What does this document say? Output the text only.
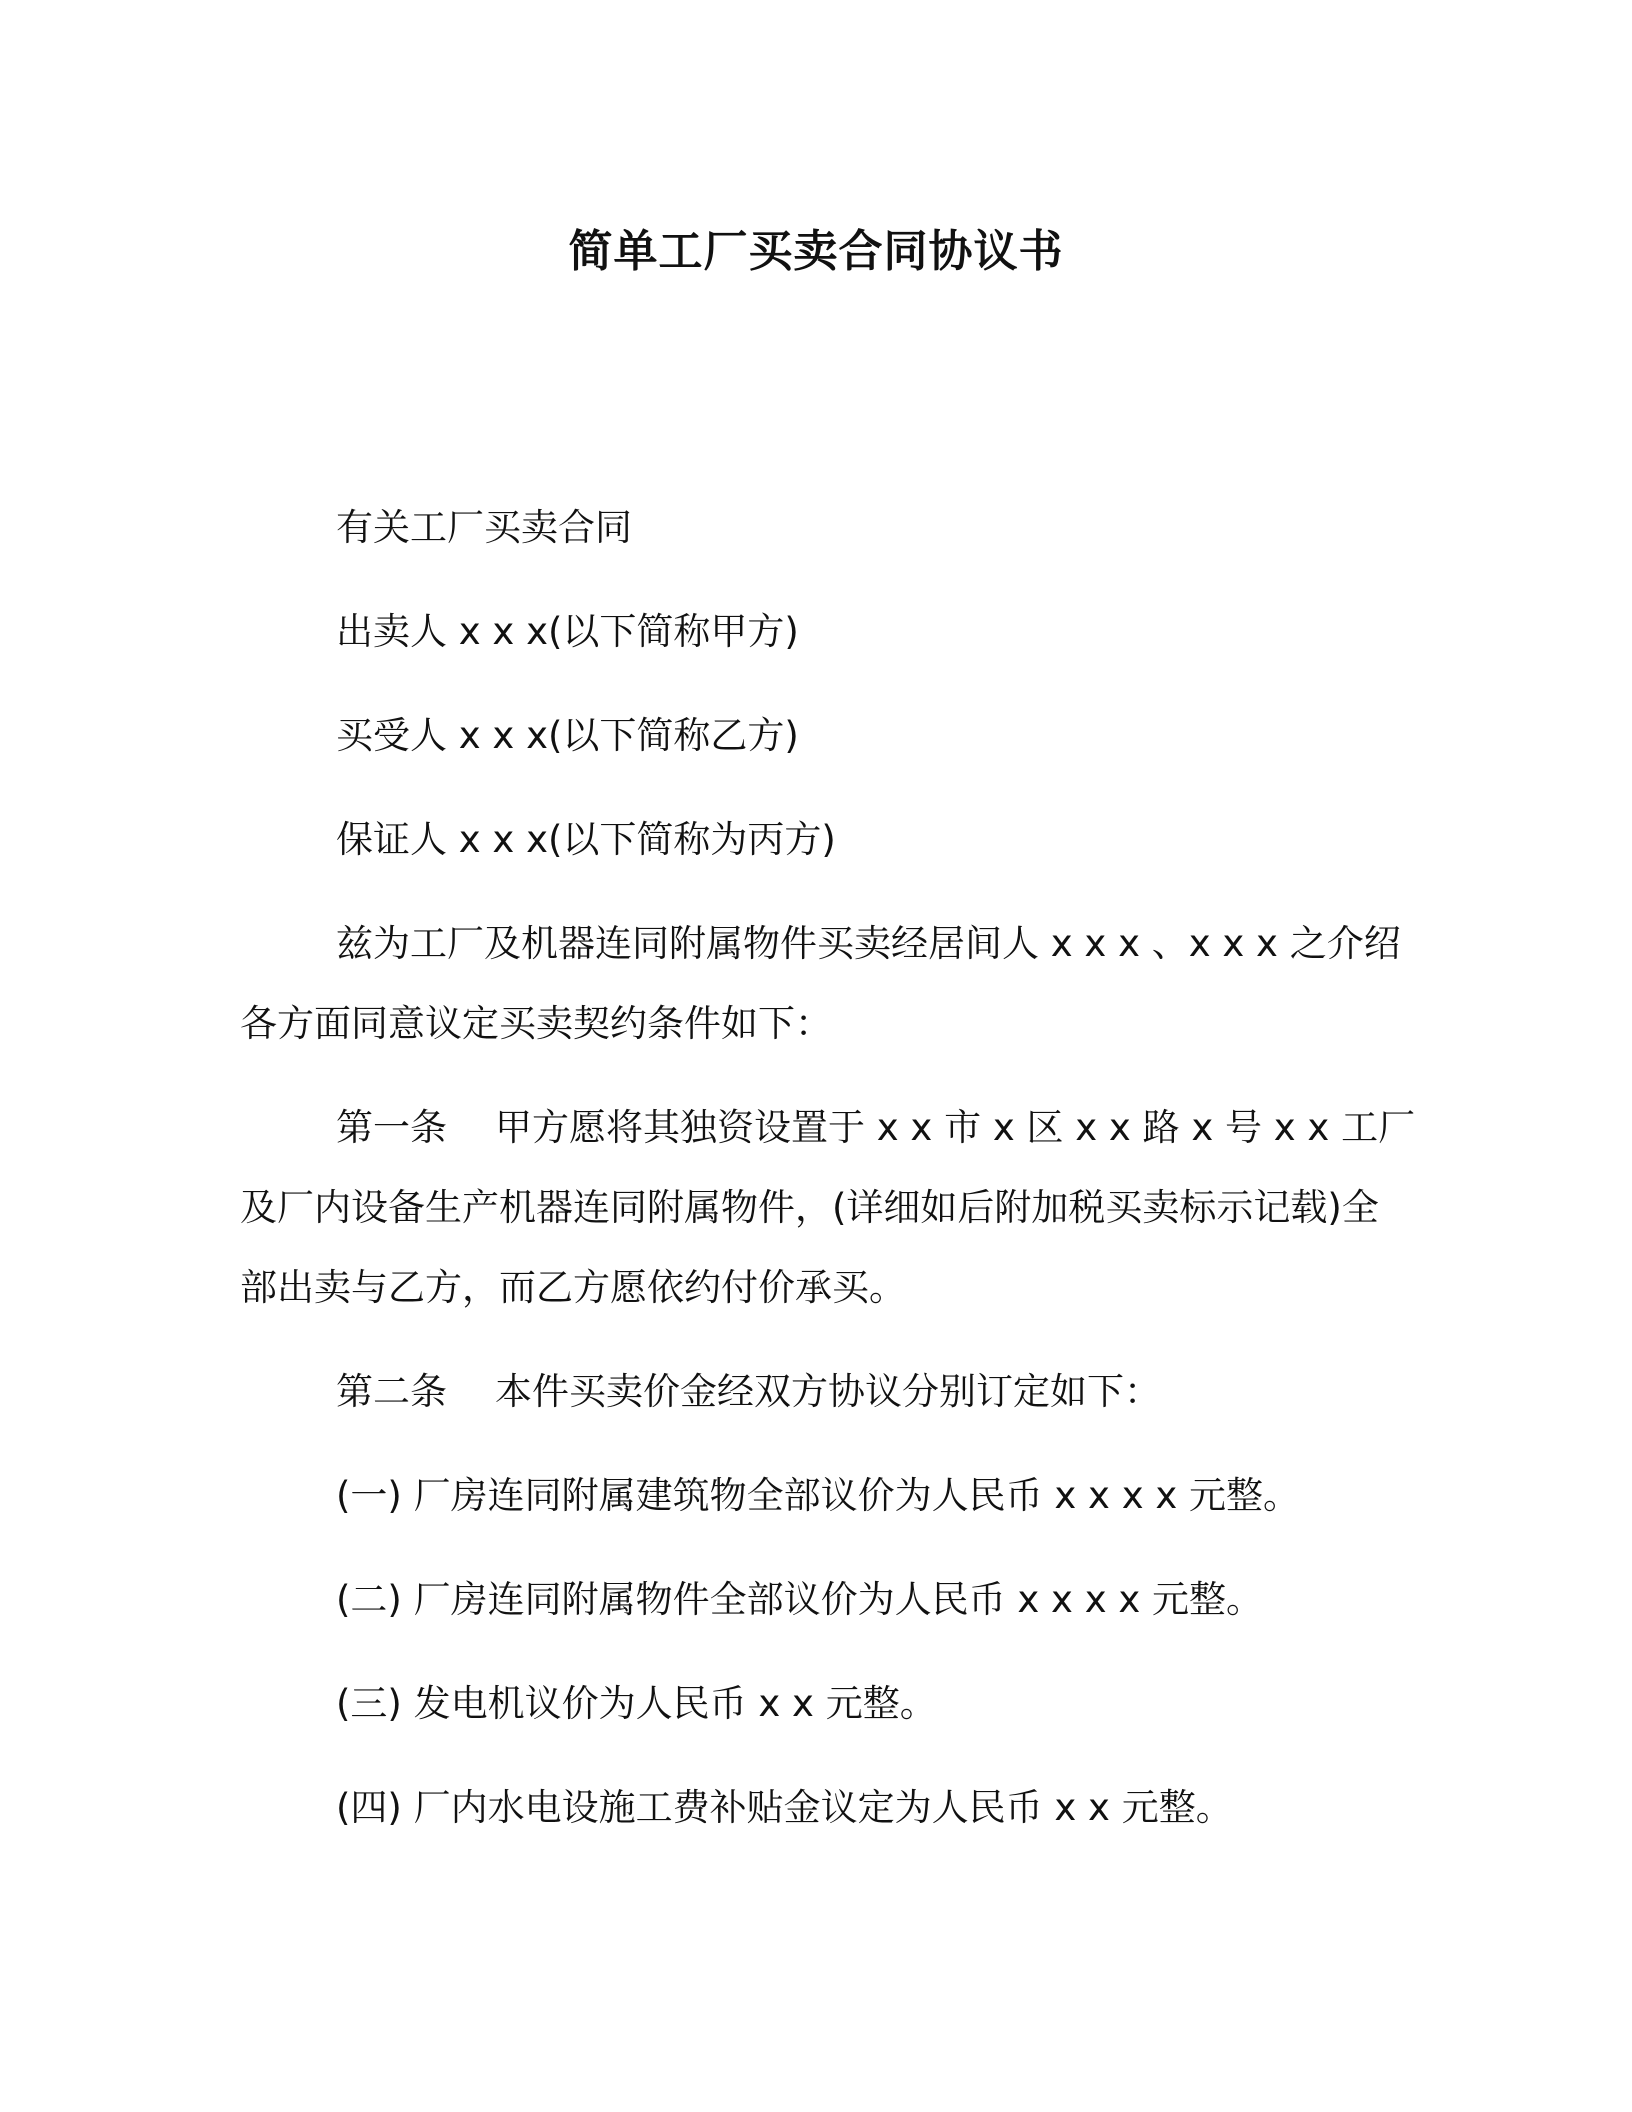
简单工厂买卖合同协议书
有关工厂买卖合同
出卖人 x x x(以下简称甲方)
买受人 x x x(以下简称乙方)
保证人 x x x(以下简称为丙方)
兹为工厂及机器连同附属物件买卖经居间人 x x x 、x x x 之介绍
各方面同意议定买卖契约条件如下：
第一条 甲方愿将其独资设置于 x x 市 x 区 x x 路 x 号 x x 工厂
及厂内设备生产机器连同附属物件，(详细如后附加税买卖标示记载)全
部出卖与乙方，而乙方愿依约付价承买。
第二条 本件买卖价金经双方协议分别订定如下：
(一) 厂房连同附属建筑物全部议价为人民币 x x x x 元整。
(二) 厂房连同附属物件全部议价为人民币 x x x x 元整。
(三) 发电机议价为人民币 x x 元整。
(四) 厂内水电设施工费补贴金议定为人民币 x x 元整。
